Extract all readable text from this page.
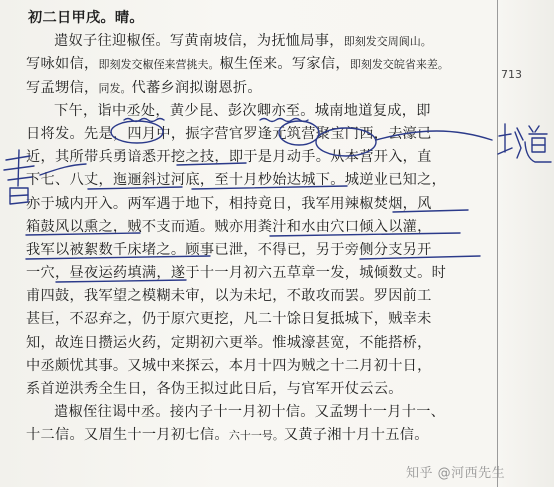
713
初二日甲戌。晴。
遣奴子往迎椒侄。写黄南坡信，为抚恤局事，即刻发交周阆山。
写咏如信，即刻发交椒侄来营挑夫。椒生侄来。写家信，即刻发交皖省来差。
写孟甥信，同发。代蕃乡润拟谢恩折。
下午，诣中丞处，黄少昆、彭次卿亦至。城南地道复成，即
日将发。先是，四月中，振字营官罗逢元筑营聚宝门西，去濠已
近，其所带兵勇谙悉开挖之技，即于是月动手。从本营开入，直
下七、八丈，迤逦斜过河底，至十月杪始达城下。城逆业已知之，
亦于城内开入。两军遇于地下，相持竟日，我军用辣椒焚烟，风
箱鼓风以熏之，贼不支而遁。贼亦用粪汁和水由穴口倾入以灌，
我军以被絮数千床堵之。顾事已泄，不得已，另于旁侧分支另开
一穴，昼夜运药填满，遂于十一月初六五草章一发，城倾数丈。时
甫四鼓，我军望之模糊未审，以为未圮，不敢攻而罢。罗因前工
甚巨，不忍弃之，仍于原穴更挖，凡二十馀日复抵城下，贼幸未
知，故连日攒运火药，定期初六更举。惟城濠甚宽，不能搭桥，
中丞颇忧其事。又城中来探云，本月十四为贼之十二月初十日，
系首逆洪秀全生日，各伪王拟过此日后，与官军开仗云云。
遣椒侄往谒中丞。接内子十一月初十信。又孟甥十一月十一、
十二信。又眉生十一月初七信。六十一号。又黄子湘十月十五信。
知乎 @河西先生
